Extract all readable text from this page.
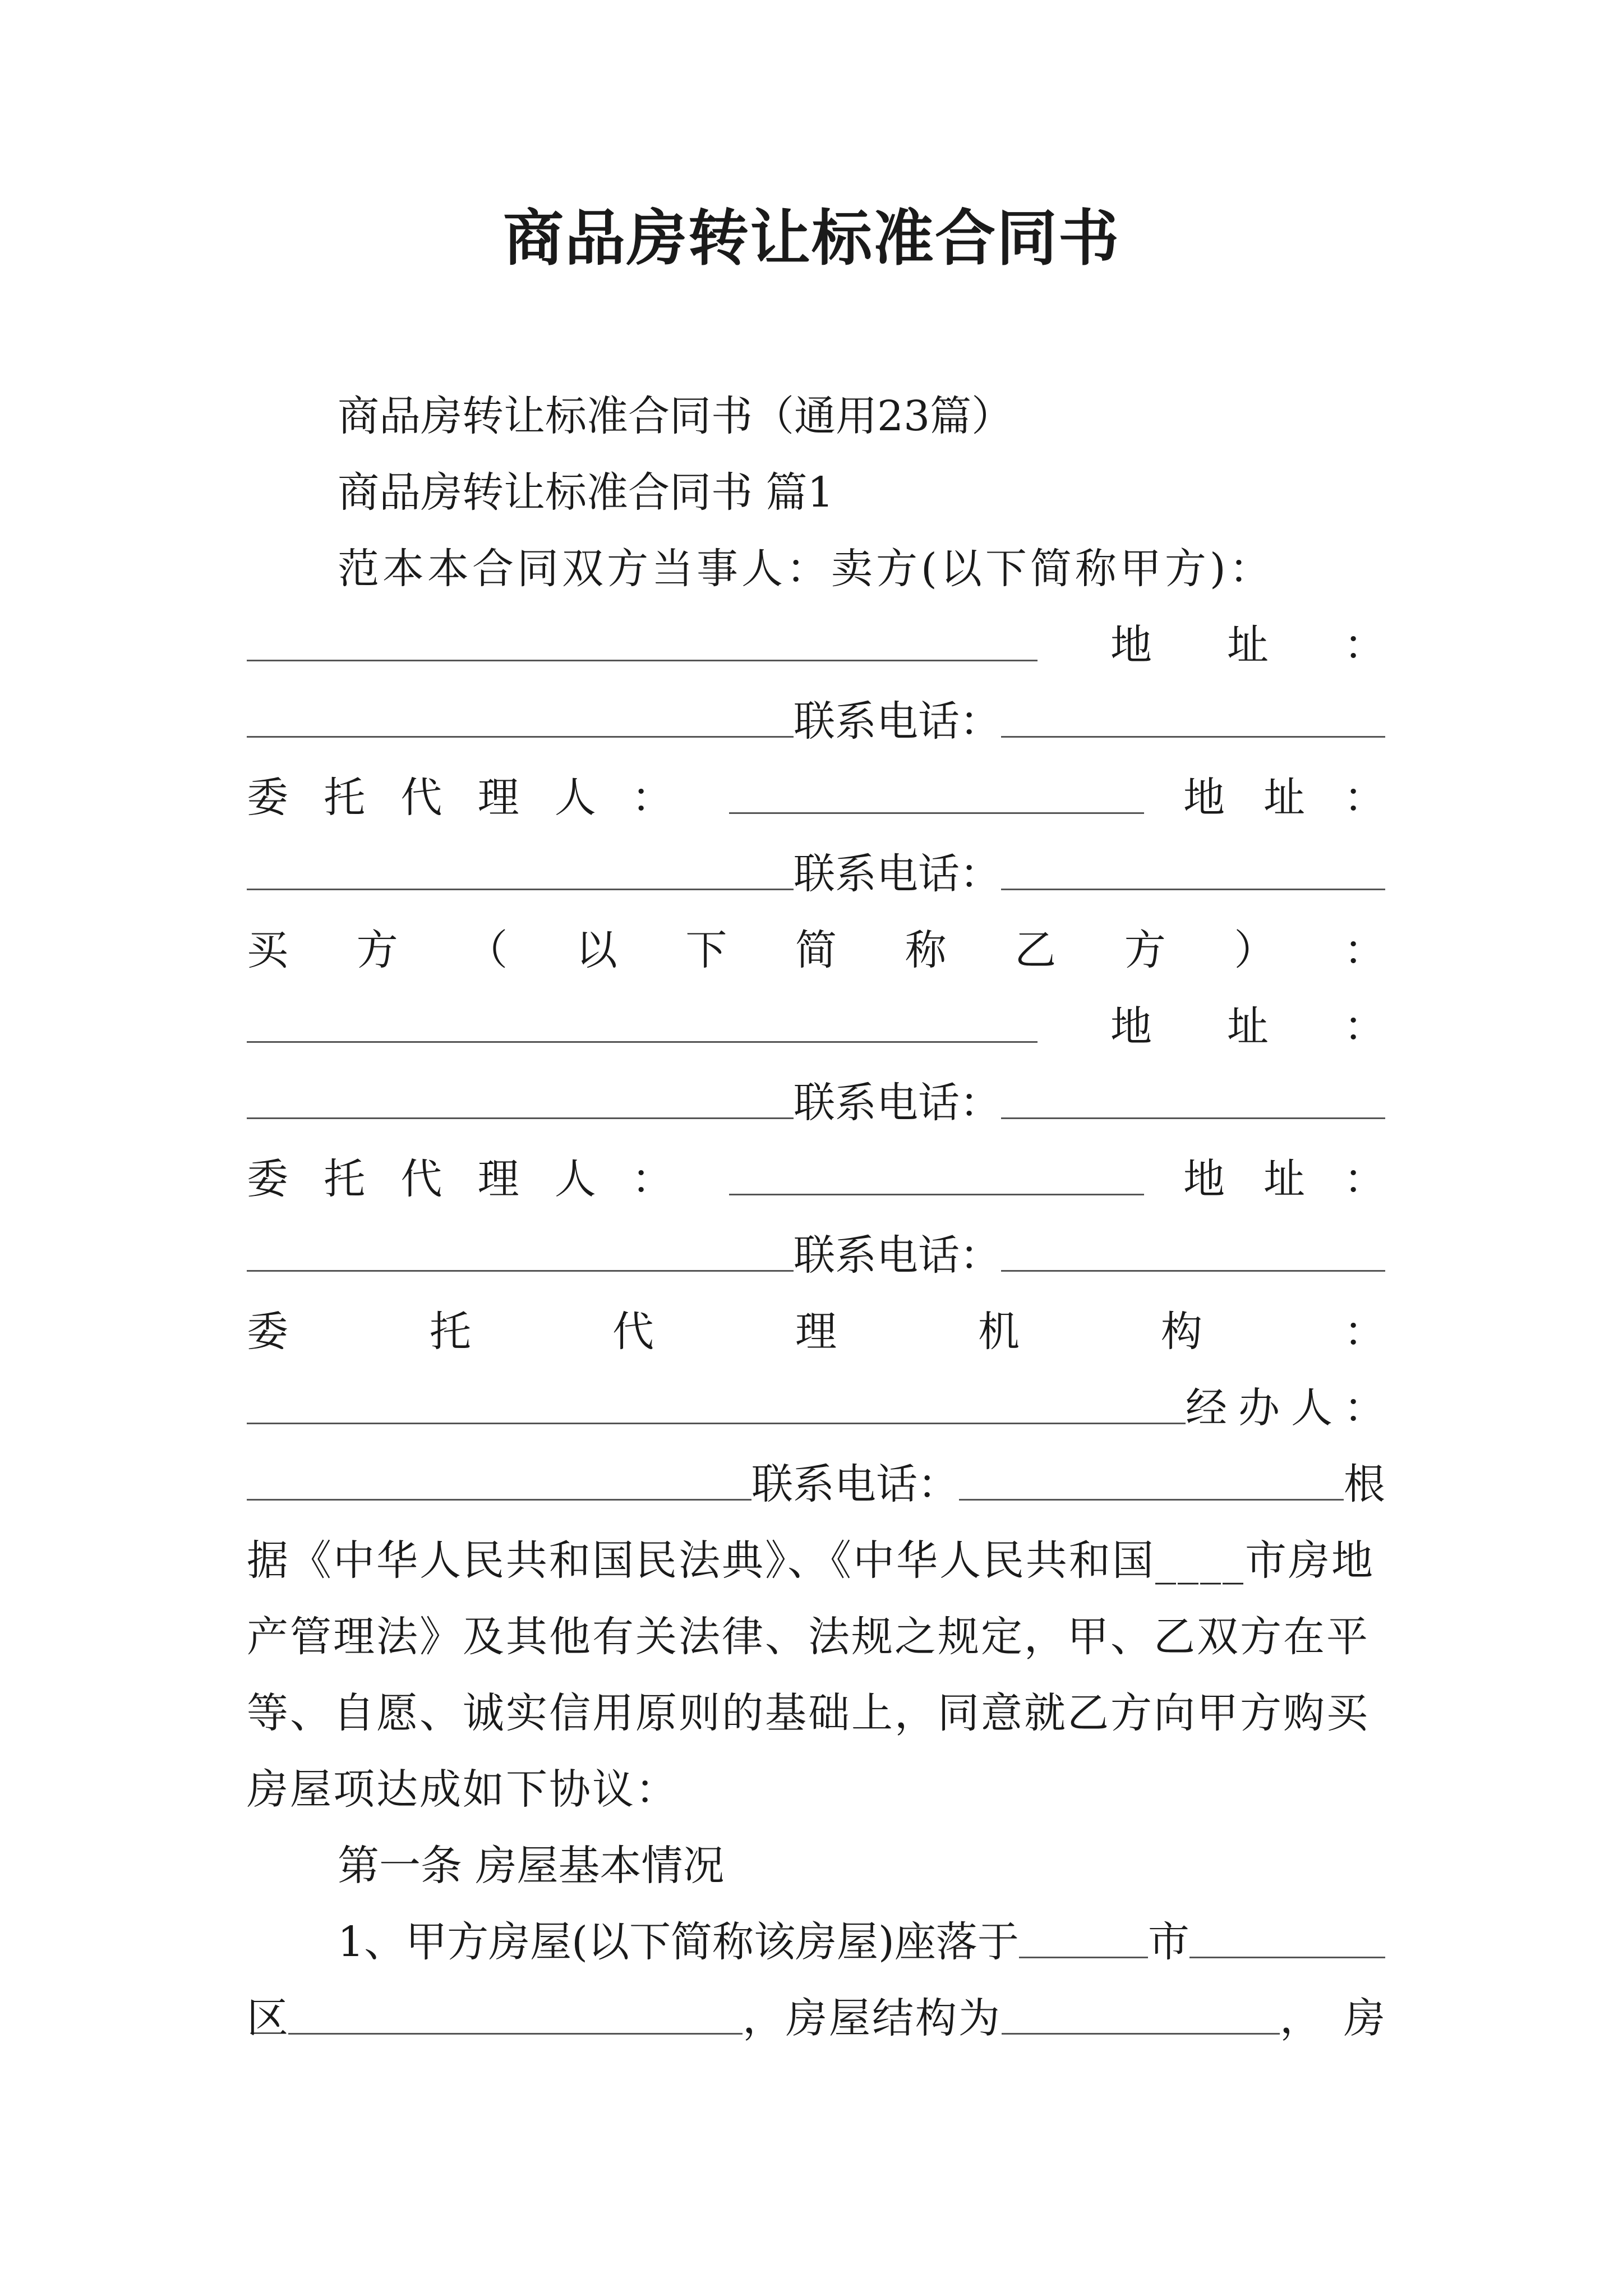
商品房转让标准合同书
商品房转让标准合同书（通用23篇）
商品房转让标准合同书 篇1
范本本合同双方当事人：卖方(以下简称甲方)：
地 址 ：
联系电话：
委 托 代 理 人 ：	地 址 ：
联系电话：
买 方 （ 以 下 简 称 乙 方 ） ：
地 址 ：
联系电话：
委 托 代 理 人 ：	地 址 ：
联系电话：
委	托	代	理	机	构	：
经办人：
联系电话：	根
据《中华人民共和国民法典》、《中华人民共和国____市房地
产管理法》及其他有关法律、法规之规定，甲、乙双方在平
等、自愿、诚实信用原则的基础上，同意就乙方向甲方购买
房屋项达成如下协议：
第一条 房屋基本情况
1、甲方房屋(以下简称该房屋)座落于	市
区	，房屋结构为	，房
